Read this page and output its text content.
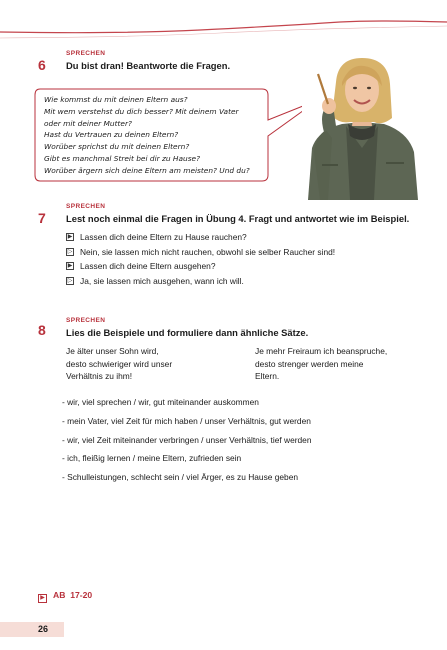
6
SPRECHEN
Du bist dran! Beantworte die Fragen.
Wie kommst du mit deinen Eltern aus?
Mit wem verstehst du dich besser? Mit deinem Vater
oder mit deiner Mutter?
Hast du Vertrauen zu deinen Eltern?
Worüber sprichst du mit deinen Eltern?
Gibt es manchmal Streit bei dir zu Hause?
Worüber ärgern sich deine Eltern am meisten? Und du?
7
SPRECHEN
Lest noch einmal die Fragen in Übung 4. Fragt und antwortet wie im Beispiel.
▶ Lassen dich deine Eltern zu Hause rauchen?
▷ Nein, sie lassen mich nicht rauchen, obwohl sie selber Raucher sind!
▶ Lassen dich deine Eltern ausgehen?
▷ Ja, sie lassen mich ausgehen, wann ich will.
8
SPRECHEN
Lies die Beispiele und formuliere dann ähnliche Sätze.
Je älter unser Sohn wird,
desto schwieriger wird unser
Verhältnis zu ihm!
Je mehr Freiraum ich beanspruche,
desto strenger werden meine
Eltern.
- wir, viel sprechen / wir, gut miteinander auskommen
- mein Vater, viel Zeit für mich haben / unser Verhältnis, gut werden
- wir, viel Zeit miteinander verbringen / unser Verhältnis, tief werden
- ich, fleißig lernen / meine Eltern, zufrieden sein
- Schulleistungen, schlecht sein / viel Ärger, es zu Hause geben
▶ AB 17-20
26
